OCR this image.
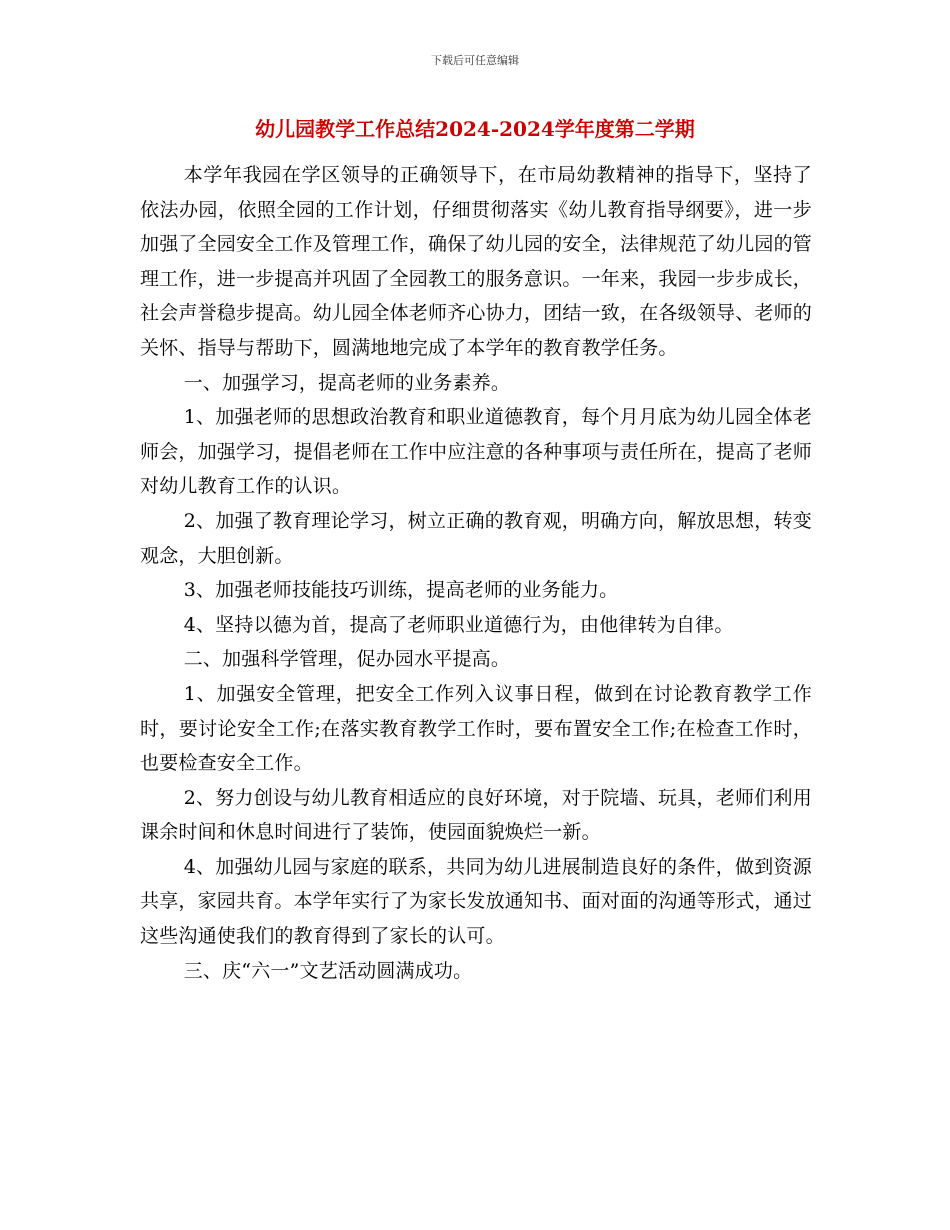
下载后可任意编辑
幼儿园教学工作总结2024-2024学年度第二学期

本学年我园在学区领导的正确领导下，在市局幼教精神的指导下，坚持了依法办园，依照全园的工作计划，仔细贯彻落实《幼儿教育指导纲要》，进一步加强了全园安全工作及管理工作，确保了幼儿园的安全，法律规范了幼儿园的管理工作，进一步提高并巩固了全园教工的服务意识。一年来，我园一步步成长，社会声誉稳步提高。幼儿园全体老师齐心协力，团结一致，在各级领导、老师的关怀、指导与帮助下，圆满地地完成了本学年的教育教学任务。

一、加强学习，提高老师的业务素养。

1、加强老师的思想政治教育和职业道德教育，每个月月底为幼儿园全体老师会，加强学习，提倡老师在工作中应注意的各种事项与责任所在，提高了老师对幼儿教育工作的认识。

2、加强了教育理论学习，树立正确的教育观，明确方向，解放思想，转变观念，大胆创新。

3、加强老师技能技巧训练，提高老师的业务能力。

4、坚持以德为首，提高了老师职业道德行为，由他律转为自律。

二、加强科学管理，促办园水平提高。

1、加强安全管理，把安全工作列入议事日程，做到在讨论教育教学工作时，要讨论安全工作;在落实教育教学工作时，要布置安全工作;在检查工作时，也要检查安全工作。

2、努力创设与幼儿教育相适应的良好环境，对于院墙、玩具，老师们利用课余时间和休息时间进行了装饰，使园面貌焕烂一新。

4、加强幼儿园与家庭的联系，共同为幼儿进展制造良好的条件，做到资源共享，家园共育。本学年实行了为家长发放通知书、面对面的沟通等形式，通过这些沟通使我们的教育得到了家长的认可。

三、庆“六一”文艺活动圆满成功。
